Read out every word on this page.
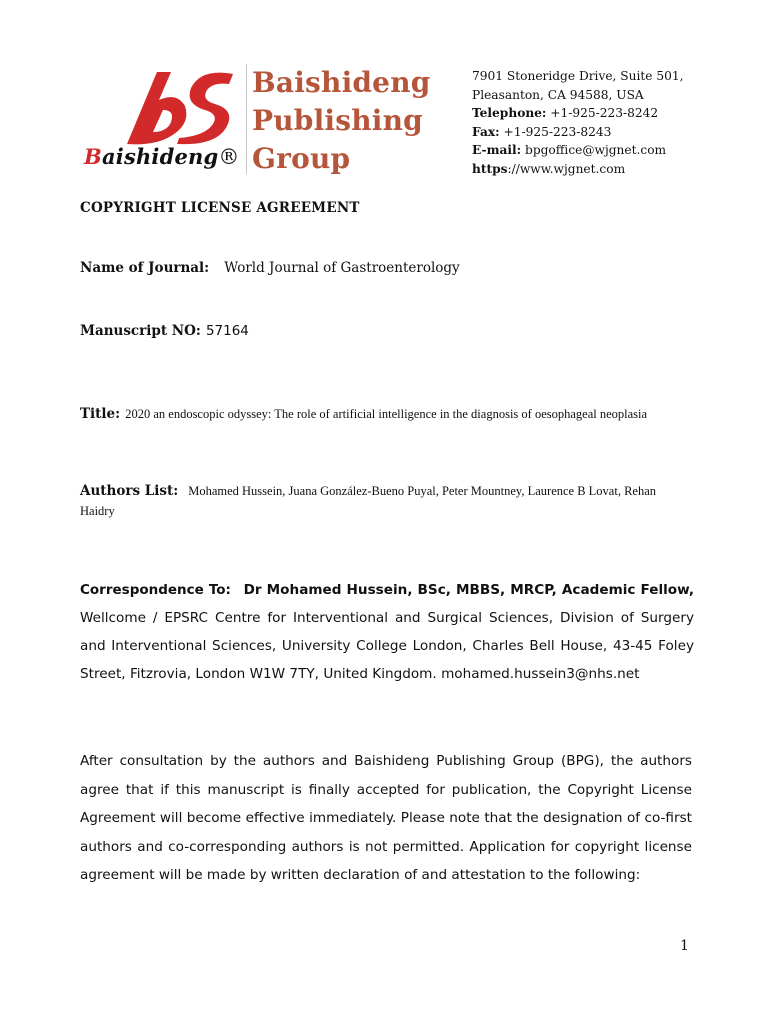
Baishideng®
Baishideng
Publishing
Group
7901 Stoneridge Drive, Suite 501,
Pleasanton, CA 94588, USA
Telephone: +1-925-223-8242
Fax: +1-925-223-8243
E-mail: bpgoffice@wjgnet.com
https://www.wjgnet.com
COPYRIGHT LICENSE AGREEMENT
Name of Journal: World Journal of Gastroenterology
Manuscript NO: 57164
Title: 2020 an endoscopic odyssey: The role of artificial intelligence in the diagnosis of oesophageal neoplasia
Authors List: Mohamed Hussein, Juana González-Bueno Puyal, Peter Mountney, Laurence B Lovat, Rehan Haidry
Correspondence To: Dr Mohamed Hussein, BSc, MBBS, MRCP, Academic Fellow, Wellcome / EPSRC Centre for Interventional and Surgical Sciences, Division of Surgery and Interventional Sciences, University College London, Charles Bell House, 43-45 Foley Street, Fitzrovia, London W1W 7TY, United Kingdom. mohamed.hussein3@nhs.net
After consultation by the authors and Baishideng Publishing Group (BPG), the authors agree that if this manuscript is finally accepted for publication, the Copyright License Agreement will become effective immediately. Please note that the designation of co-first authors and co-corresponding authors is not permitted. Application for copyright license agreement will be made by written declaration of and attestation to the following:
1
